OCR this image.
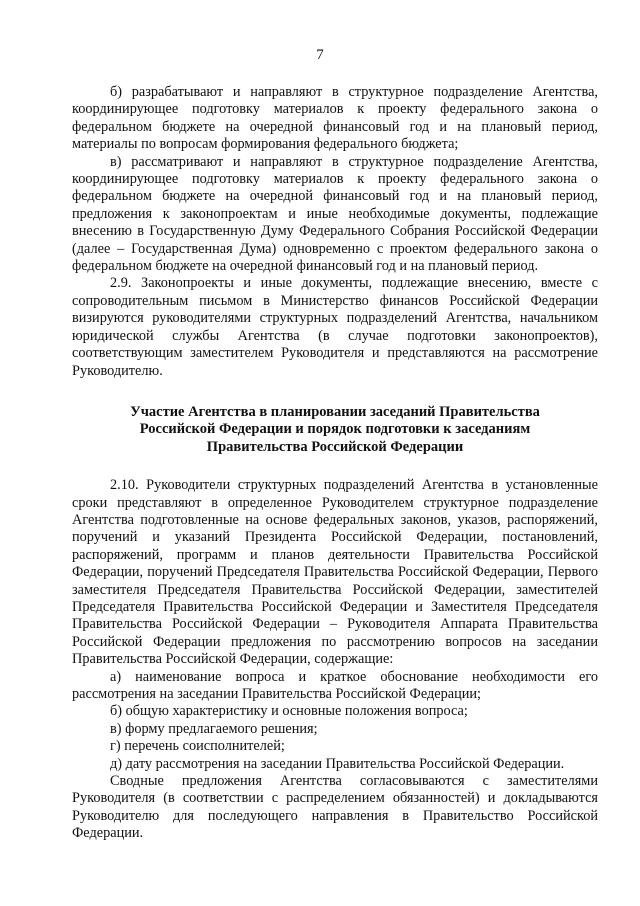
7

б) разрабатывают и направляют в структурное подразделение Агентства, координирующее подготовку материалов к проекту федерального закона о федеральном бюджете на очередной финансовый год и на плановый период, материалы по вопросам формирования федерального бюджета;

в) рассматривают и направляют в структурное подразделение Агентства, координирующее подготовку материалов к проекту федерального закона о федеральном бюджете на очередной финансовый год и на плановый период, предложения к законопроектам и иные необходимые документы, подлежащие внесению в Государственную Думу Федерального Собрания Российской Федерации (далее – Государственная Дума) одновременно с проектом федерального закона о федеральном бюджете на очередной финансовый год и на плановый период.

2.9. Законопроекты и иные документы, подлежащие внесению, вместе с сопроводительным письмом в Министерство финансов Российской Федерации визируются руководителями структурных подразделений Агентства, начальником юридической службы Агентства (в случае подготовки законопроектов), соответствующим заместителем Руководителя и представляются на рассмотрение Руководителю.

Участие Агентства в планировании заседаний Правительства
Российской Федерации и порядок подготовки к заседаниям
Правительства Российской Федерации

2.10. Руководители структурных подразделений Агентства в установленные сроки представляют в определенное Руководителем структурное подразделение Агентства подготовленные на основе федеральных законов, указов, распоряжений, поручений и указаний Президента Российской Федерации, постановлений, распоряжений, программ и планов деятельности Правительства Российской Федерации, поручений Председателя Правительства Российской Федерации, Первого заместителя Председателя Правительства Российской Федерации, заместителей Председателя Правительства Российской Федерации и Заместителя Председателя Правительства Российской Федерации – Руководителя Аппарата Правительства Российской Федерации предложения по рассмотрению вопросов на заседании Правительства Российской Федерации, содержащие:

а) наименование вопроса и краткое обоснование необходимости его рассмотрения на заседании Правительства Российской Федерации;

б) общую характеристику и основные положения вопроса;

в) форму предлагаемого решения;

г) перечень соисполнителей;

д) дату рассмотрения на заседании Правительства Российской Федерации.

Сводные предложения Агентства согласовываются с заместителями Руководителя (в соответствии с распределением обязанностей) и докладываются Руководителю для последующего направления в Правительство Российской Федерации.
